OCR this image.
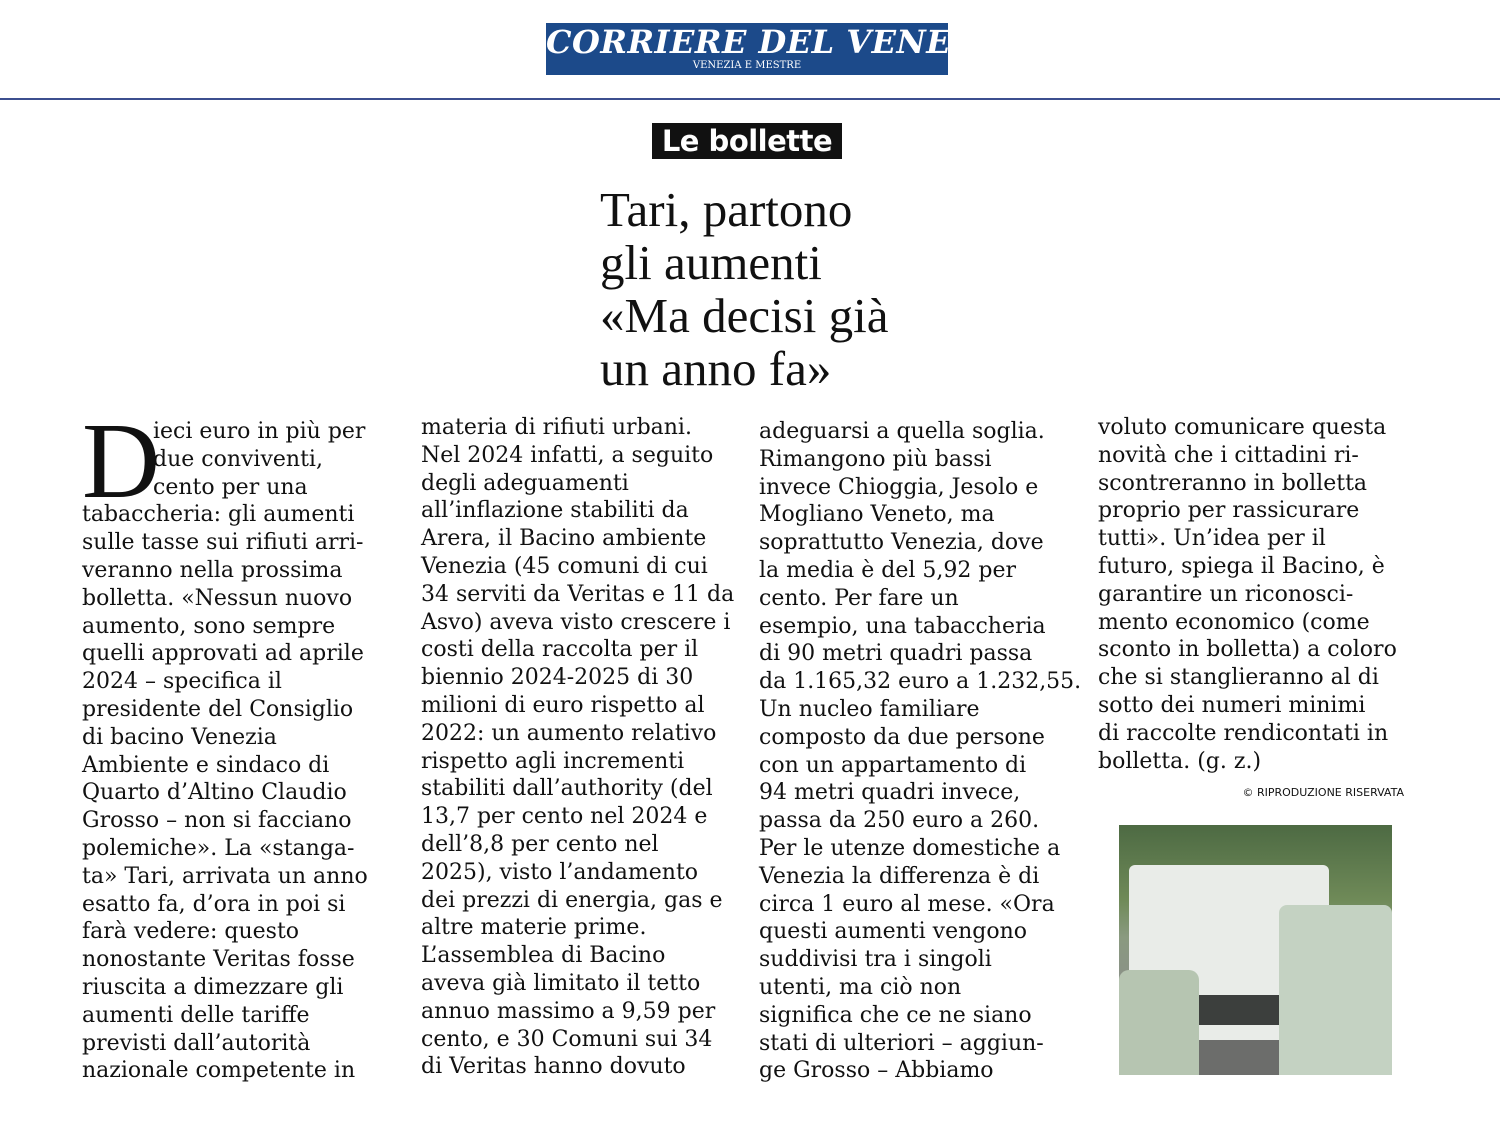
CORRIERE DEL VENETO
VENEZIA E MESTRE
Le bollette
Tari, partono
gli aumenti
«Ma decisi già
un anno fa»
D
ieci euro in più per
due conviventi,
cento per una
tabaccheria: gli aumenti
sulle tasse sui rifiuti arri-
veranno nella prossima
bolletta. «Nessun nuovo
aumento, sono sempre
quelli approvati ad aprile
2024 – specifica il
presidente del Consiglio
di bacino Venezia
Ambiente e sindaco di
Quarto d’Altino Claudio
Grosso – non si facciano
polemiche». La «stanga-
ta» Tari, arrivata un anno
esatto fa, d’ora in poi si
farà vedere: questo
nonostante Veritas fosse
riuscita a dimezzare gli
aumenti delle tariffe
previsti dall’autorità
nazionale competente in
materia di rifiuti urbani.
Nel 2024 infatti, a seguito
degli adeguamenti
all’inflazione stabiliti da
Arera, il Bacino ambiente
Venezia (45 comuni di cui
34 serviti da Veritas e 11 da
Asvo) aveva visto crescere i
costi della raccolta per il
biennio 2024-2025 di 30
milioni di euro rispetto al
2022: un aumento relativo
rispetto agli incrementi
stabiliti dall’authority (del
13,7 per cento nel 2024 e
dell’8,8 per cento nel
2025), visto l’andamento
dei prezzi di energia, gas e
altre materie prime.
L’assemblea di Bacino
aveva già limitato il tetto
annuo massimo a 9,59 per
cento, e 30 Comuni sui 34
di Veritas hanno dovuto
adeguarsi a quella soglia.
Rimangono più bassi
invece Chioggia, Jesolo e
Mogliano Veneto, ma
soprattutto Venezia, dove
la media è del 5,92 per
cento. Per fare un
esempio, una tabaccheria
di 90 metri quadri passa
da 1.165,32 euro a 1.232,55.
Un nucleo familiare
composto da due persone
con un appartamento di
94 metri quadri invece,
passa da 250 euro a 260.
Per le utenze domestiche a
Venezia la differenza è di
circa 1 euro al mese. «Ora
questi aumenti vengono
suddivisi tra i singoli
utenti, ma ciò non
significa che ce ne siano
stati di ulteriori – aggiun-
ge Grosso – Abbiamo
voluto comunicare questa
novità che i cittadini ri-
scontreranno in bolletta
proprio per rassicurare
tutti». Un’idea per il
futuro, spiega il Bacino, è
garantire un riconosci-
mento economico (come
sconto in bolletta) a coloro
che si stanglieranno al di
sotto dei numeri minimi
di raccolte rendicontati in
bolletta. (g. z.)
© RIPRODUZIONE RISERVATA
